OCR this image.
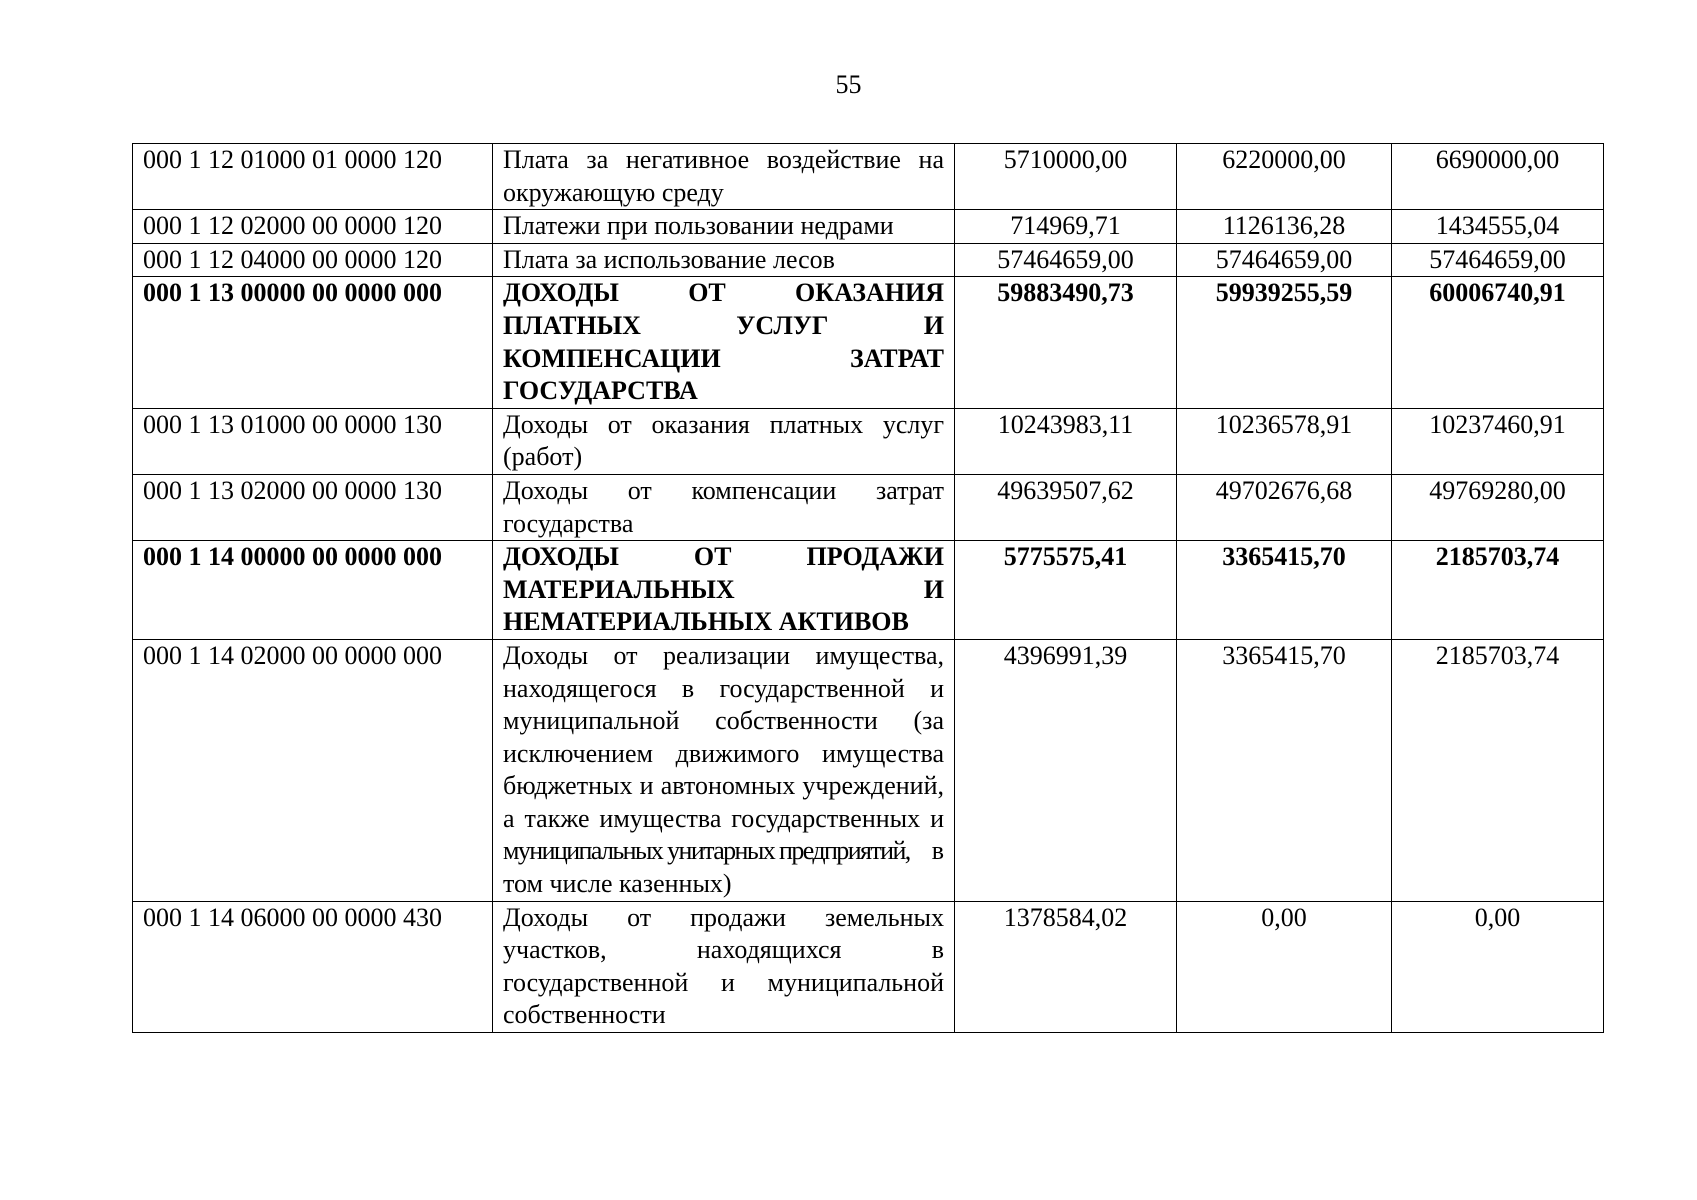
55
000 1 12 01000 01 0000 120	Плата за негативное воздействие на окружающую среду	5710000,00	6220000,00	6690000,00
000 1 12 02000 00 0000 120	Платежи при пользовании недрами	714969,71	1126136,28	1434555,04
000 1 12 04000 00 0000 120	Плата за использование лесов	57464659,00	57464659,00	57464659,00
000 1 13 00000 00 0000 000	ДОХОДЫ ОТ ОКАЗАНИЯ ПЛАТНЫХ УСЛУГ И КОМПЕНСАЦИИ ЗАТРАТ ГОСУДАРСТВА	59883490,73	59939255,59	60006740,91
000 1 13 01000 00 0000 130	Доходы от оказания платных услуг (работ)	10243983,11	10236578,91	10237460,91
000 1 13 02000 00 0000 130	Доходы от компенсации затрат государства	49639507,62	49702676,68	49769280,00
000 1 14 00000 00 0000 000	ДОХОДЫ ОТ ПРОДАЖИ МАТЕРИАЛЬНЫХ И НЕМАТЕРИАЛЬНЫХ АКТИВОВ	5775575,41	3365415,70	2185703,74
000 1 14 02000 00 0000 000	Доходы от реализации имущества, находящегося в государственной и муниципальной собственности (за исключением движимого имущества бюджетных и автономных учреждений, а также имущества государственных и муниципальных унитарных предприятий, в том числе казенных)	4396991,39	3365415,70	2185703,74
000 1 14 06000 00 0000 430	Доходы от продажи земельных участков, находящихся в государственной и муниципальной собственности	1378584,02	0,00	0,00
